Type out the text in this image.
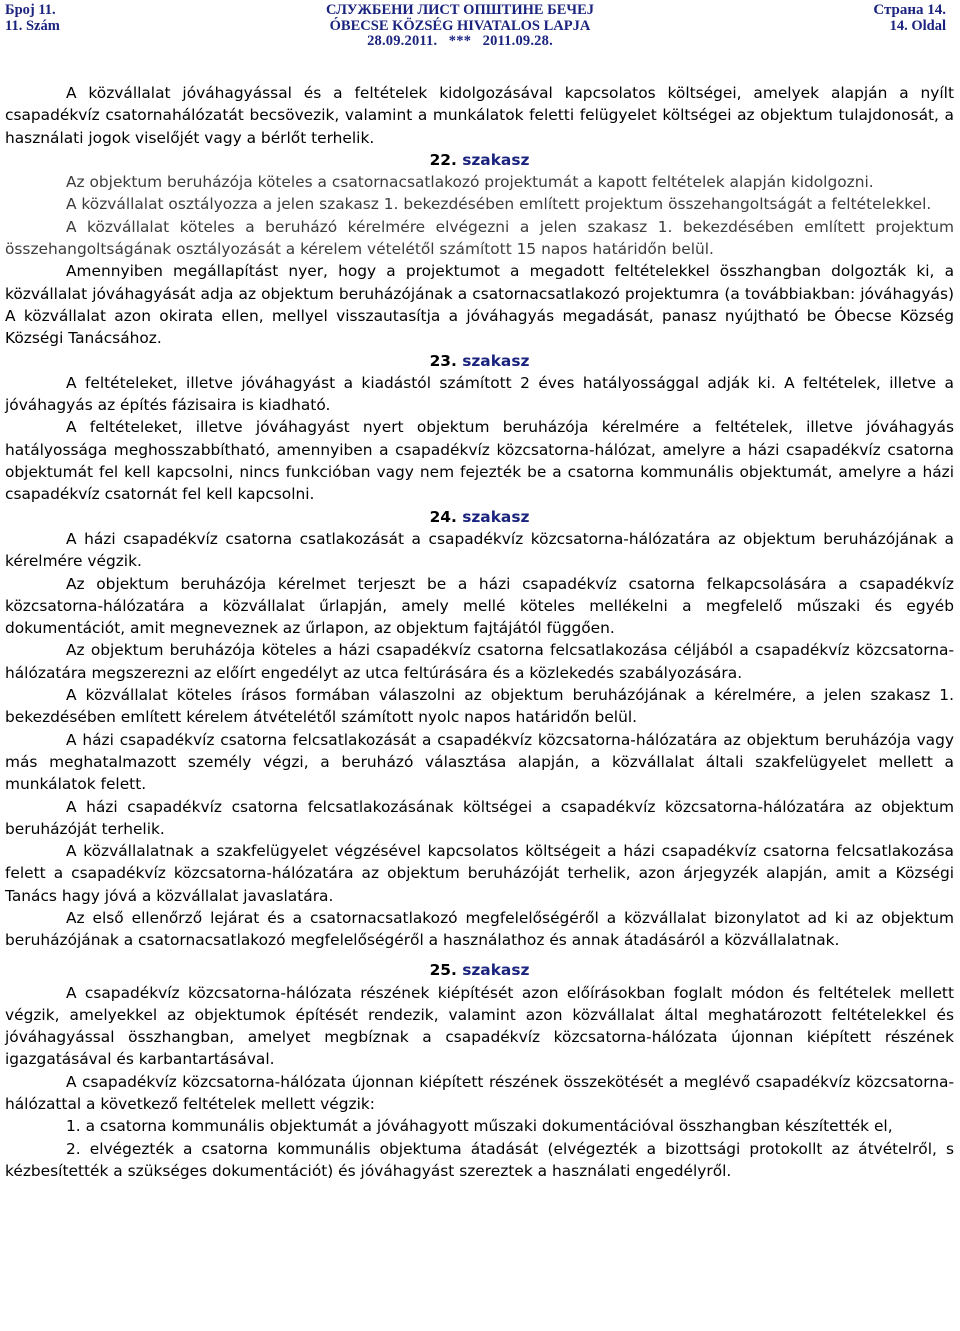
Број 11.
11. Szám
СЛУЖБЕНИ ЛИСТ ОПШТИНЕ БЕЧЕЈ
ÓBECSE KÖZSÉG HIVATALOS LAPJA
28.09.2011.   ***   2011.09.28.
Страна 14.
14. Oldal

A közvállalat jóváhagyással és a feltételek kidolgozásával kapcsolatos költségei, amelyek alapján a nyílt csapadékvíz csatornahálózatát becsövezik, valamint a munkálatok feletti felügyelet költségei az objektum tulajdonosát, a használati jogok viselőjét vagy a bérlőt terhelik.

22. szakasz

Az objektum beruházója köteles a csatornacsatlakozó projektumát a kapott feltételek alapján kidolgozni.

A közvállalat osztályozza a jelen szakasz 1. bekezdésében említett projektum összehangoltságát a feltételekkel.

A közvállalat köteles a beruházó kérelmére elvégezni a jelen szakasz 1. bekezdésében említett projektum összehangoltságának osztályozását a kérelem vételétől számított 15 napos határidőn belül.

Amennyiben megállapítást nyer, hogy a projektumot a megadott feltételekkel összhangban dolgozták ki, a közvállalat jóváhagyását adja az objektum beruházójának a csatornacsatlakozó projektumra (a továbbiakban: jóváhagyás) A közvállalat azon okirata ellen, mellyel visszautasítja a jóváhagyás megadását, panasz nyújtható be Óbecse Község Községi Tanácsához.

23. szakasz

A feltételeket, illetve jóváhagyást a kiadástól számított 2 éves hatályossággal adják ki. A feltételek, illetve a jóváhagyás az építés fázisaira is kiadható.

A feltételeket, illetve jóváhagyást nyert objektum beruházója kérelmére a feltételek, illetve jóváhagyás hatályossága meghosszabbítható, amennyiben a csapadékvíz közcsatorna-hálózat, amelyre a házi csapadékvíz csatorna objektumát fel kell kapcsolni, nincs funkcióban vagy nem fejezték be a csatorna kommunális objektumát, amelyre a házi csapadékvíz csatornát fel kell kapcsolni.

24. szakasz

A házi csapadékvíz csatorna csatlakozását a csapadékvíz közcsatorna-hálózatára az objektum beruházójának a kérelmére végzik.

Az objektum beruházója kérelmet terjeszt be a házi csapadékvíz csatorna felkapcsolására a csapadékvíz közcsatorna-hálózatára a közvállalat űrlapján, amely mellé köteles mellékelni a megfelelő műszaki és egyéb dokumentációt, amit megneveznek az űrlapon, az objektum fajtájától függően.

Az objektum beruházója köteles a házi csapadékvíz csatorna felcsatlakozása céljából a csapadékvíz közcsatorna-hálózatára megszerezni az előírt engedélyt az utca feltúrására és a közlekedés szabályozására.

A közvállalat köteles írásos formában válaszolni az objektum beruházójának a kérelmére, a jelen szakasz 1. bekezdésében említett kérelem átvételétől számított nyolc napos határidőn belül.

A házi csapadékvíz csatorna felcsatlakozását a csapadékvíz közcsatorna-hálózatára az objektum beruházója vagy más meghatalmazott személy végzi, a beruházó választása alapján, a közvállalat általi szakfelügyelet mellett a munkálatok felett.

A házi csapadékvíz csatorna felcsatlakozásának költségei a csapadékvíz közcsatorna-hálózatára az objektum beruházóját terhelik.

A közvállalatnak a szakfelügyelet végzésével kapcsolatos költségeit a házi csapadékvíz csatorna felcsatlakozása felett a csapadékvíz közcsatorna-hálózatára az objektum beruházóját terhelik, azon árjegyzék alapján, amit a Községi Tanács hagy jóvá a közvállalat javaslatára.

Az első ellenőrző lejárat és a csatornacsatlakozó megfelelőségéről a közvállalat bizonylatot ad ki az objektum beruházójának a csatornacsatlakozó megfelelőségéről a használathoz és annak átadásáról a közvállalatnak.

25. szakasz

A csapadékvíz közcsatorna-hálózata részének kiépítését azon előírásokban foglalt módon és feltételek mellett végzik, amelyekkel az objektumok építését rendezik, valamint azon közvállalat által meghatározott feltételekkel és jóváhagyással összhangban, amelyet megbíznak a csapadékvíz közcsatorna-hálózata újonnan kiépített részének igazgatásával és karbantartásával.

A csapadékvíz közcsatorna-hálózata újonnan kiépített részének összekötését a meglévő csapadékvíz közcsatorna-hálózattal a következő feltételek mellett végzik:

1. a csatorna kommunális objektumát a jóváhagyott műszaki dokumentációval összhangban készítették el,

2. elvégezték a csatorna kommunális objektuma átadását (elvégezték a bizottsági protokollt az átvételről, s kézbesítették a szükséges dokumentációt) és jóváhagyást szereztek a használati engedélyről.
